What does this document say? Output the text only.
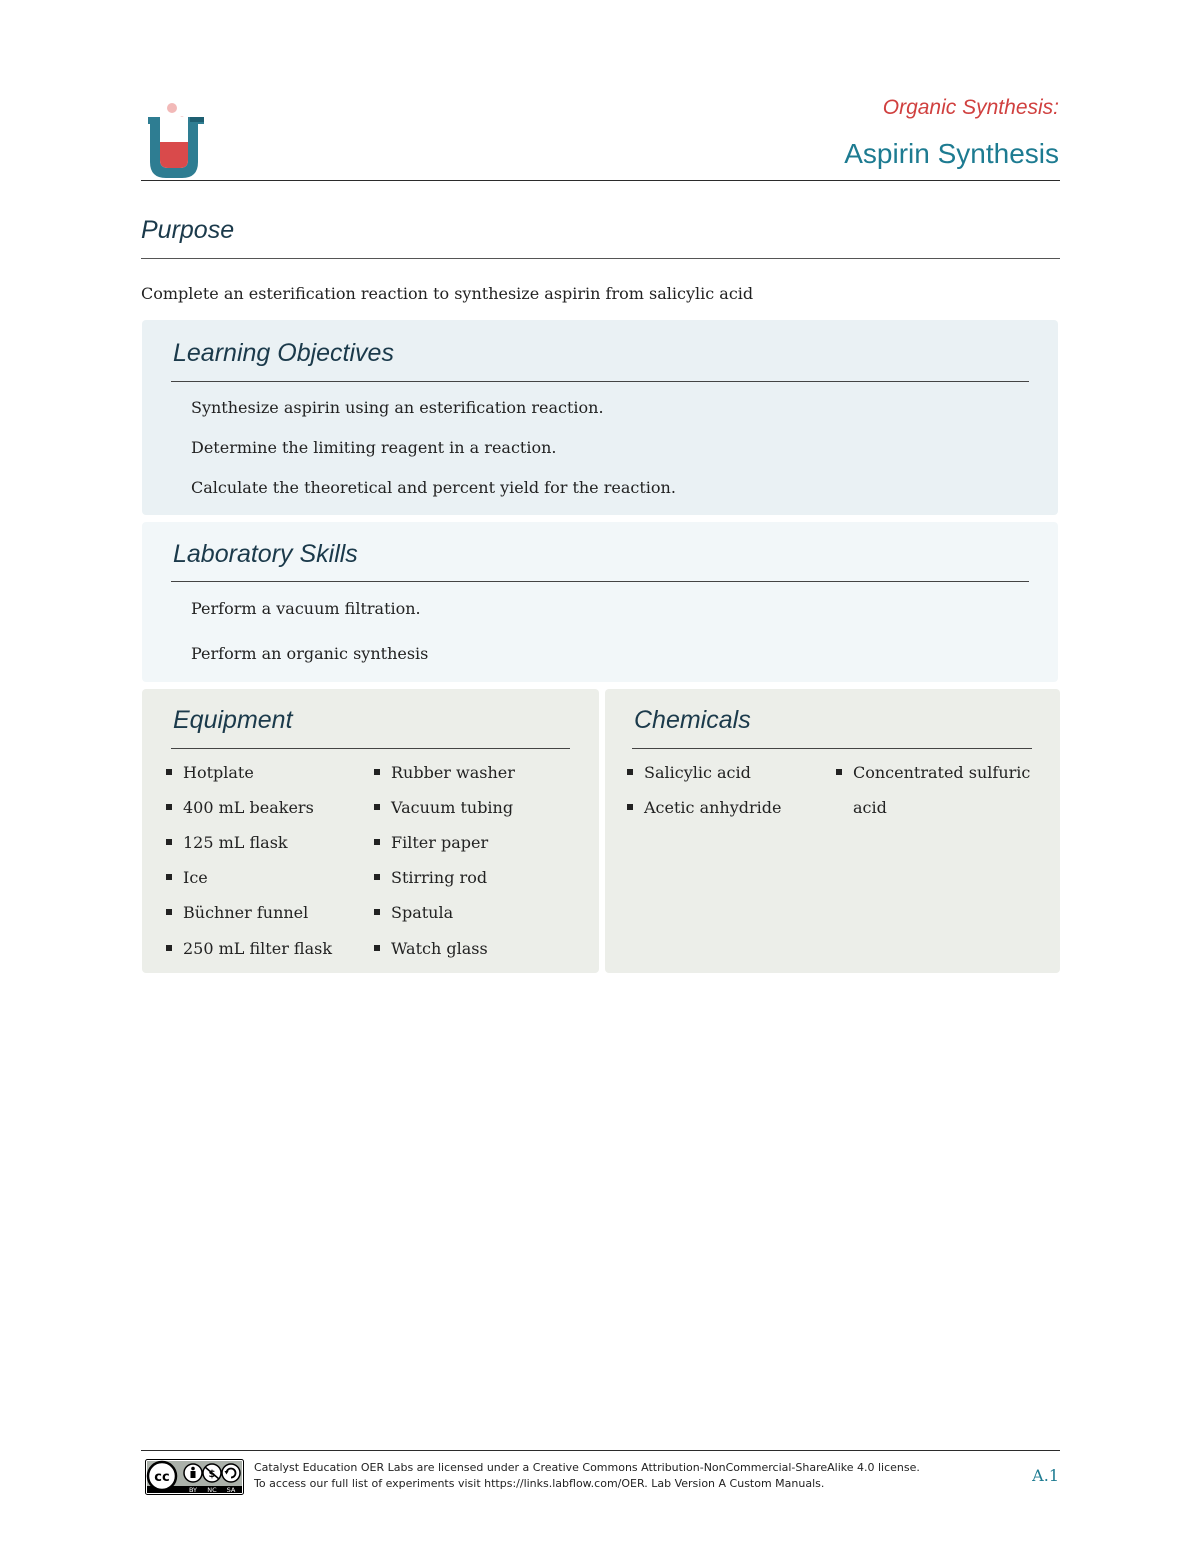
Organic Synthesis:
Aspirin Synthesis
Purpose
Complete an esterification reaction to synthesize aspirin from salicylic acid
Learning Objectives
Synthesize aspirin using an esterification reaction.
Determine the limiting reagent in a reaction.
Calculate the theoretical and percent yield for the reaction.
Laboratory Skills
Perform a vacuum filtration.
Perform an organic synthesis
Equipment
Hotplate
400 mL beakers
125 mL flask
Ice
Büchner funnel
250 mL filter flask
Rubber washer
Vacuum tubing
Filter paper
Stirring rod
Spatula
Watch glass
Chemicals
Salicylic acid
Acetic anhydride
Concentrated sulfuric
acid
cc	$
BY NC SA
Catalyst Education OER Labs are licensed under a Creative Commons Attribution-NonCommercial-ShareAlike 4.0 license.
To access our full list of experiments visit https://links.labflow.com/OER. Lab Version A Custom Manuals.	A.1
